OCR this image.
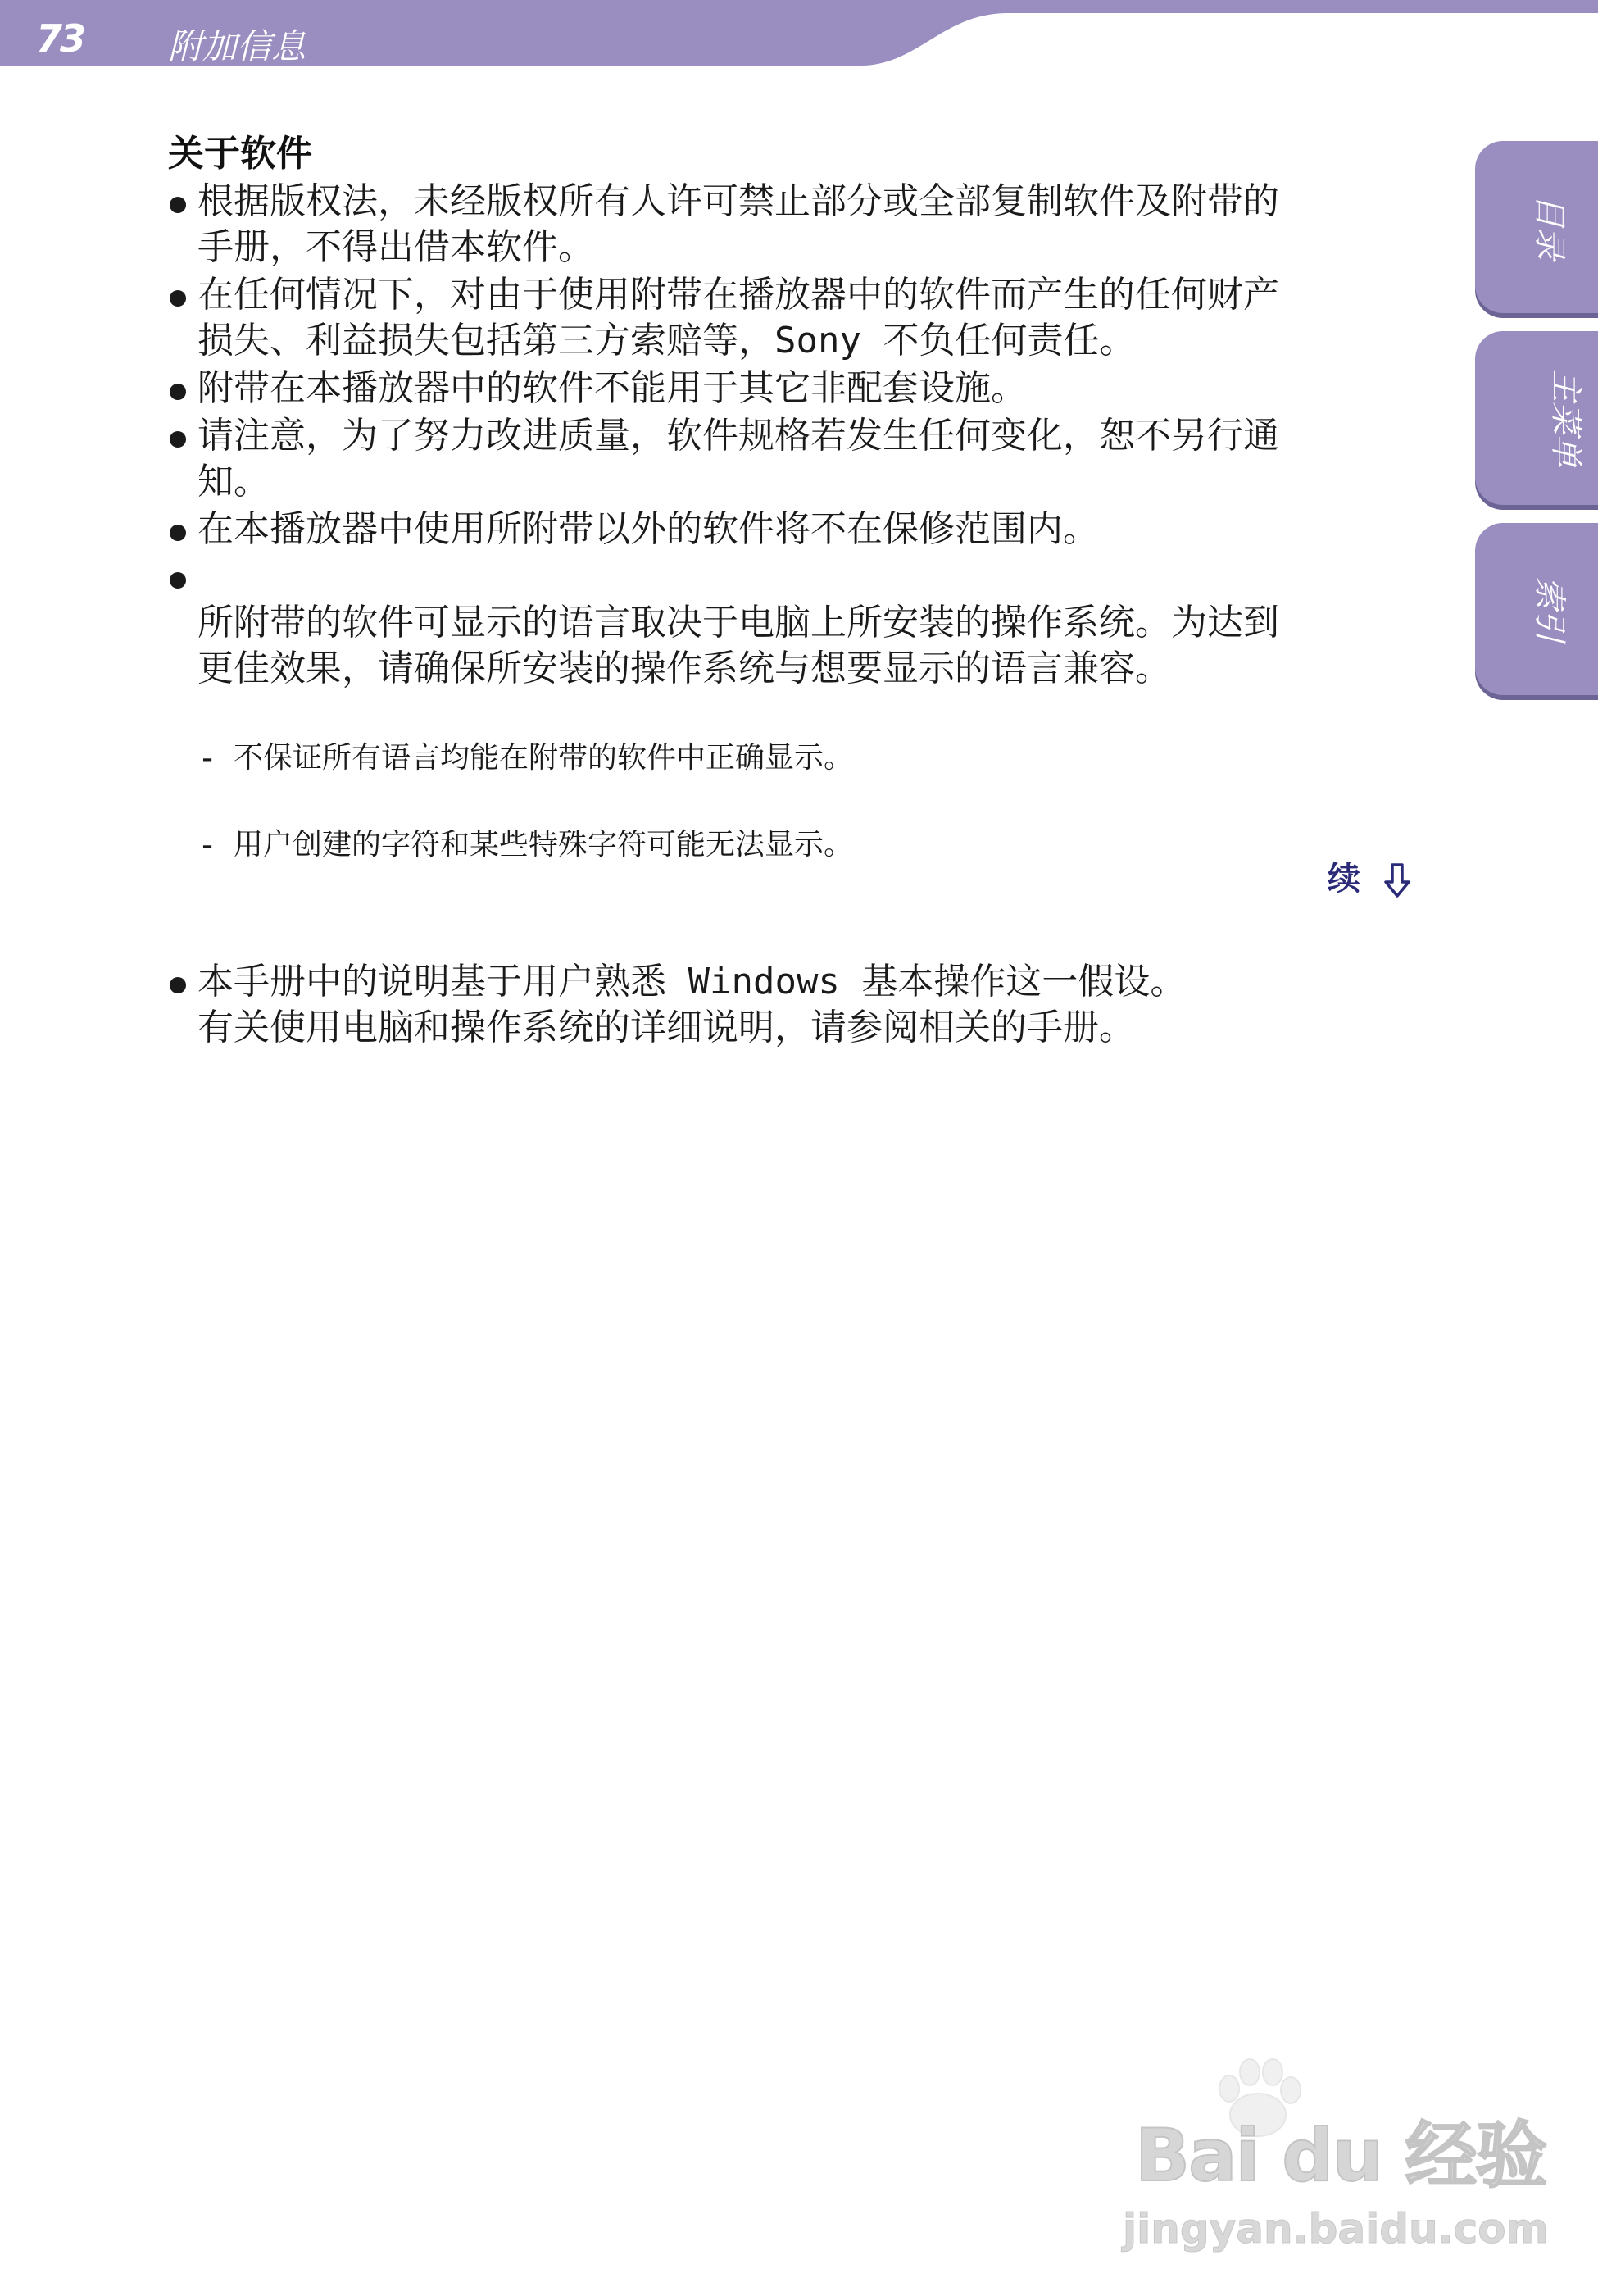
73 附加信息
目录
主菜单
索引
关于软件
根据版权法，未经版权所有人许可禁止部分或全部复制软件及附带的
手册，不得出借本软件。
在任何情况下，对由于使用附带在播放器中的软件而产生的任何财产
损失、利益损失包括第三方索赔等，Sony 不负任何责任。
附带在本播放器中的软件不能用于其它非配套设施。
请注意，为了努力改进质量，软件规格若发生任何变化，恕不另行通
知。
在本播放器中使用所附带以外的软件将不在保修范围内。

所附带的软件可显示的语言取决于电脑上所安装的操作系统。为达到
更佳效果，请确保所安装的操作系统与想要显示的语言兼容。

- 不保证所有语言均能在附带的软件中正确显示。

- 用户创建的字符和某些特殊字符可能无法显示。

本手册中的说明基于用户熟悉 Windows 基本操作这一假设。
有关使用电脑和操作系统的详细说明，请参阅相关的手册。
续
Bai du 经验
jingyan.baidu.com
